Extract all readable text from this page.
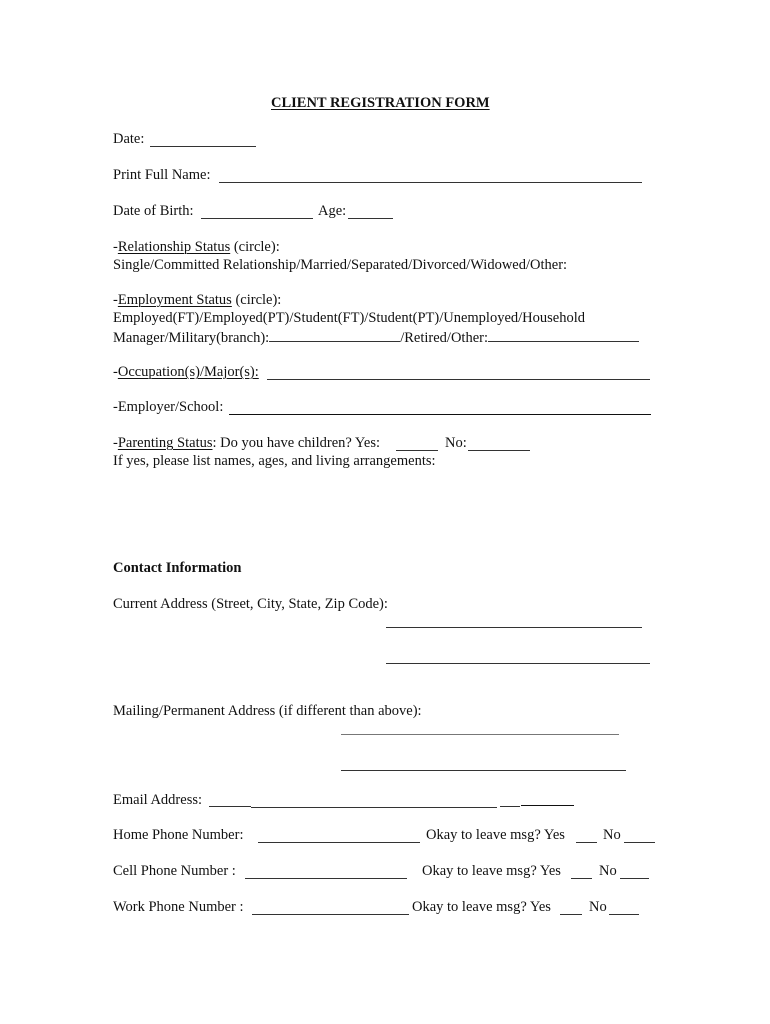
CLIENT REGISTRATION FORM
Date:
Print Full Name:
Date of Birth:	Age:
-Relationship Status (circle):
Single/Committed Relationship/Married/Separated/Divorced/Widowed/Other:
-Employment Status (circle):
Employed(FT)/Employed(PT)/Student(FT)/Student(PT)/Unemployed/Household
Manager/Military(branch):	/Retired/Other:
-Occupation(s)/Major(s):
-Employer/School:
-Parenting Status: Do you have children? Yes:	No:
If yes, please list names, ages, and living arrangements:
Contact Information
Current Address (Street, City, State, Zip Code):
Mailing/Permanent Address (if different than above):
Email Address:
Home Phone Number:	Okay to leave msg? Yes	No
Cell Phone Number :	Okay to leave msg? Yes	No
Work Phone Number :	Okay to leave msg? Yes	No
